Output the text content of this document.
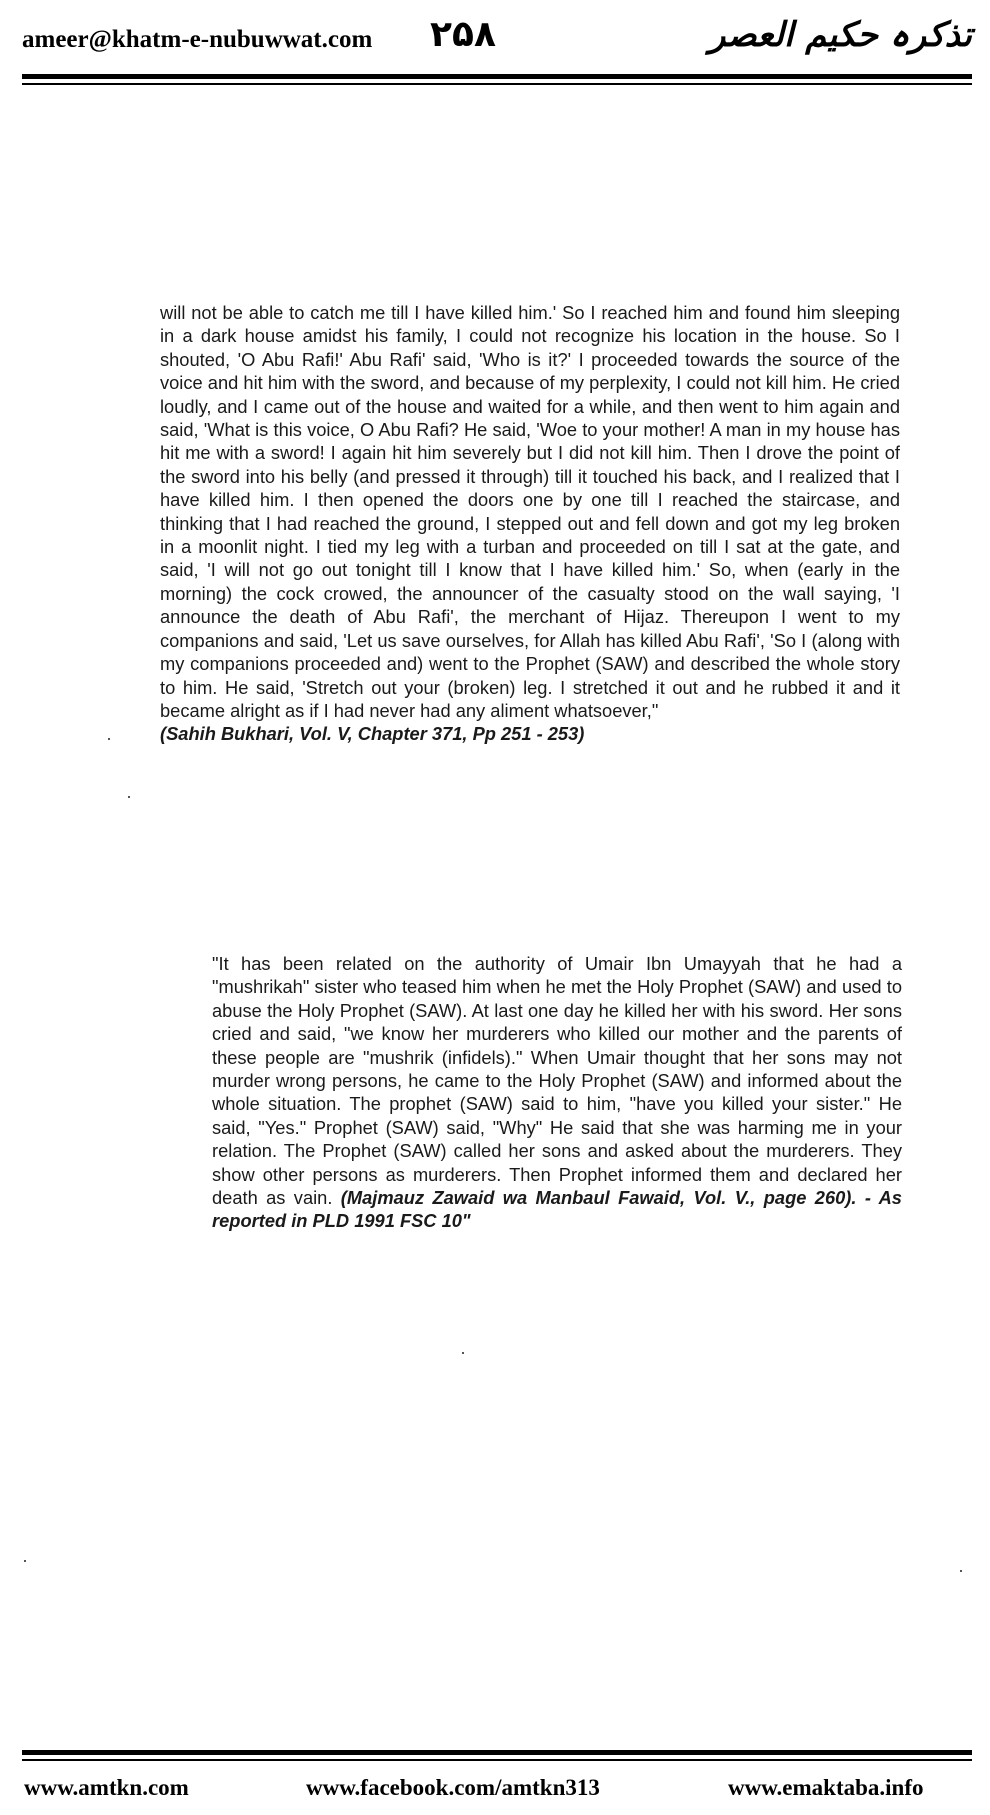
ameer@khatm-e-nubuwwat.com ۲۵۸	تذکرہ حکیم العصر
will not be able to catch me till I have killed him.' So I reached him and found him sleeping in a dark house amidst his family, I could not recognize his location in the house. So I shouted, 'O Abu Rafi!' Abu Rafi' said, 'Who is it?' I proceeded towards the source of the voice and hit him with the sword, and because of my perplexity, I could not kill him. He cried loudly, and I came out of the house and waited for a while, and then went to him again and said, 'What is this voice, O Abu Rafi? He said, 'Woe to your mother! A man in my house has hit me with a sword! I again hit him severely but I did not kill him. Then I drove the point of the sword into his belly (and pressed it through) till it touched his back, and I realized that I have killed him. I then opened the doors one by one till I reached the staircase, and thinking that I had reached the ground, I stepped out and fell down and got my leg broken in a moonlit night. I tied my leg with a turban and proceeded on till I sat at the gate, and said, 'I will not go out tonight till I know that I have killed him.' So, when (early in the morning) the cock crowed, the announcer of the casualty stood on the wall saying, 'I announce the death of Abu Rafi', the merchant of Hijaz. Thereupon I went to my companions and said, 'Let us save ourselves, for Allah has killed Abu Rafi', 'So I (along with my companions proceeded and) went to the Prophet (SAW) and described the whole story to him. He said, 'Stretch out your (broken) leg. I stretched it out and he rubbed it and it became alright as if I had never had any aliment whatsoever,"
(Sahih Bukhari, Vol. V, Chapter 371, Pp 251 - 253)
"It has been related on the authority of Umair Ibn Umayyah that he had a "mushrikah" sister who teased him when he met the Holy Prophet (SAW) and used to abuse the Holy Prophet (SAW). At last one day he killed her with his sword. Her sons cried and said, "we know her murderers who killed our mother and the parents of these people are "mushrik (infidels)." When Umair thought that her sons may not murder wrong persons, he came to the Holy Prophet (SAW) and informed about the whole situation. The prophet (SAW) said to him, "have you killed your sister." He said, "Yes." Prophet (SAW) said, "Why" He said that she was harming me in your relation. The Prophet (SAW) called her sons and asked about the murderers. They show other persons as murderers. Then Prophet informed them and declared her death as vain. (Majmauz Zawaid wa Manbaul Fawaid, Vol. V., page 260). - As reported in PLD 1991 FSC 10"
www.amtkn.com	www.facebook.com/amtkn313	www.emaktaba.info
